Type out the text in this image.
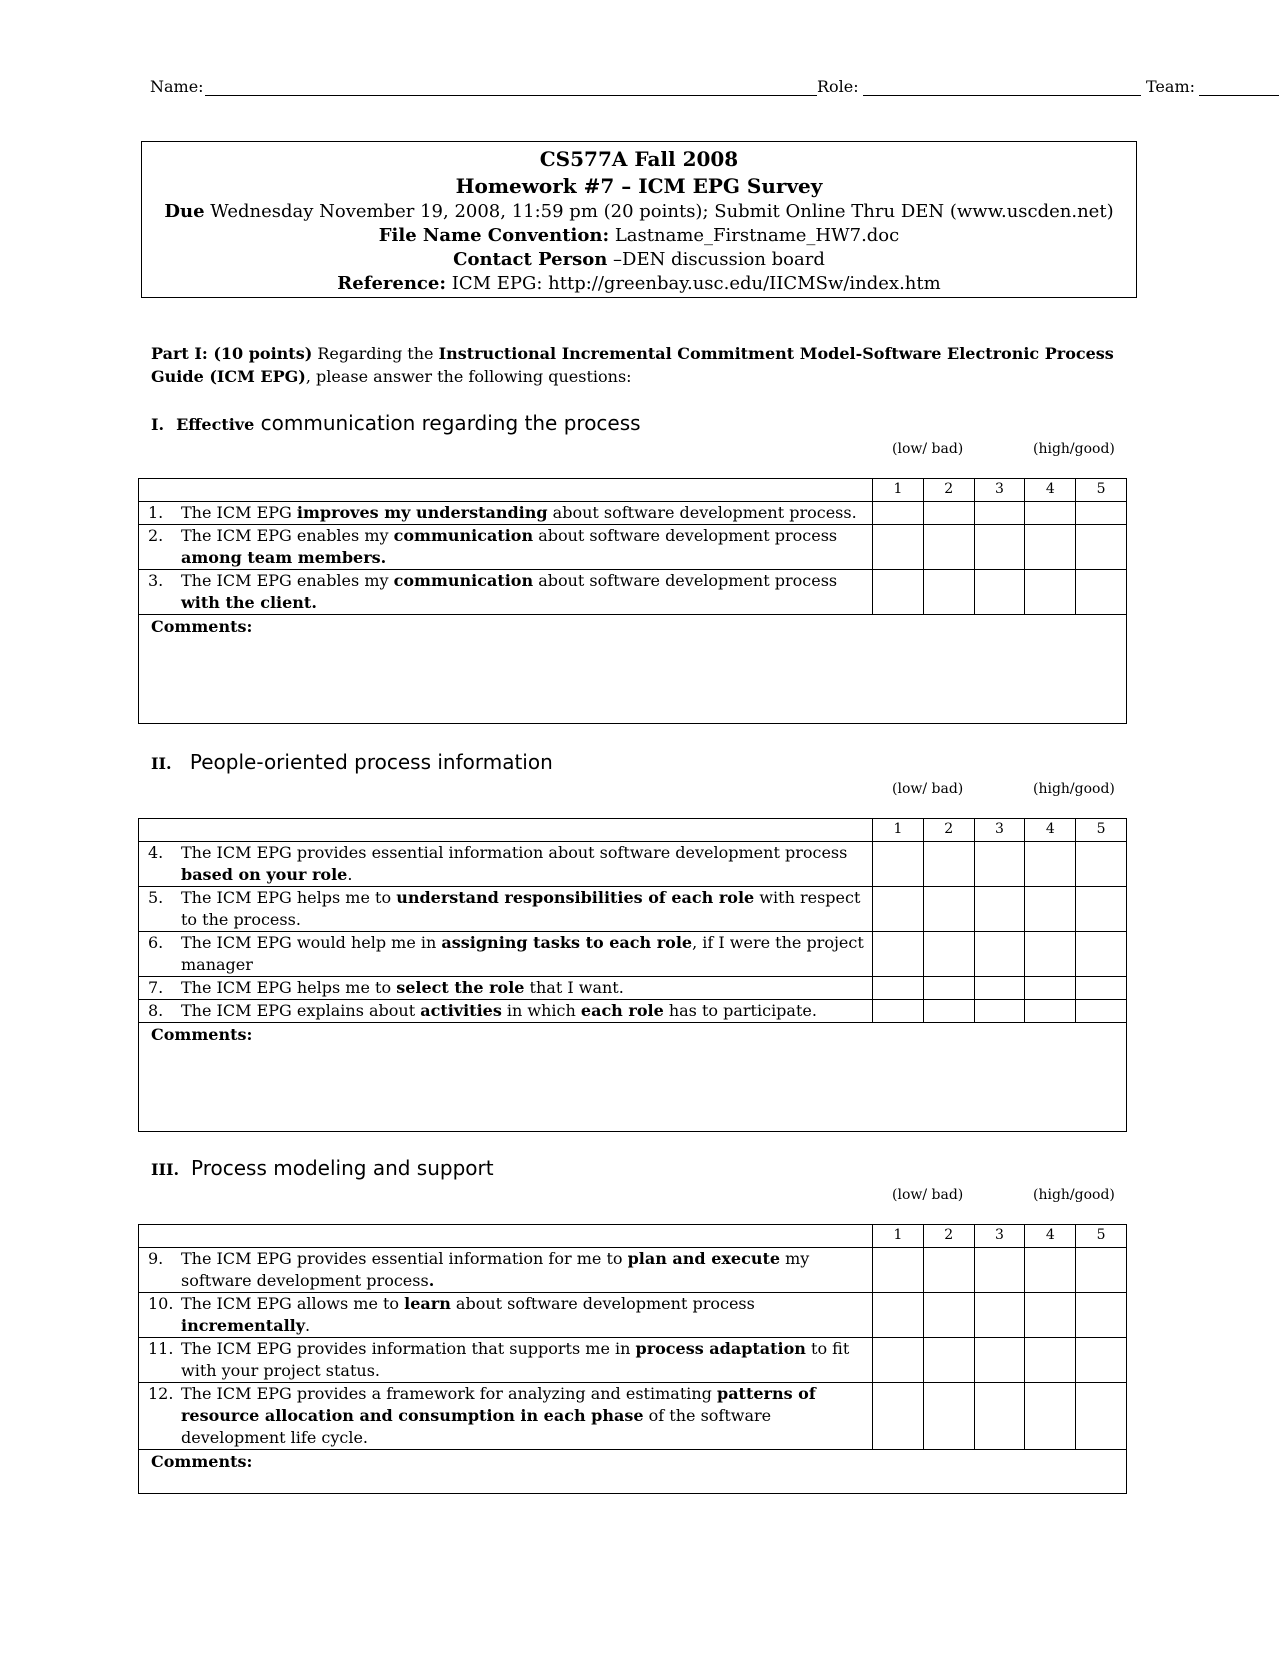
Name:	Role:	Team:
CS577A Fall 2008
Homework #7 – ICM EPG Survey
Due Wednesday November 19, 2008, 11:59 pm (20 points); Submit Online Thru DEN (www.uscden.net)
File Name Convention: Lastname_Firstname_HW7.doc
Contact Person –DEN discussion board
Reference: ICM EPG: http://greenbay.usc.edu/IICMSw/index.htm
Part I: (10 points) Regarding the Instructional Incremental Commitment Model-Software Electronic Process Guide (ICM EPG), please answer the following questions:
I. Effective communication regarding the process
(low/ bad)	(high/good)
	1	2	3	4	5

1. The ICM EPG improves my understanding about software development process.					

2. The ICM EPG enables my communication about software development process among team members.					

3. The ICM EPG enables my communication about software development process with the client.					

Comments:					
II. People-oriented process information
(low/ bad)	(high/good)
	1	2	3	4	5

4. The ICM EPG provides essential information about software development process based on your role.					

5. The ICM EPG helps me to understand responsibilities of each role with respect to the process.					

6. The ICM EPG would help me in assigning tasks to each role, if I were the project manager					

7. The ICM EPG helps me to select the role that I want.					

8. The ICM EPG explains about activities in which each role has to participate.					

Comments:					
III. Process modeling and support
(low/ bad)	(high/good)
	1	2	3	4	5

9. The ICM EPG provides essential information for me to plan and execute my software development process.					

10. The ICM EPG allows me to learn about software development process incrementally.					

11. The ICM EPG provides information that supports me in process adaptation to fit with your project status.					

12. The ICM EPG provides a framework for analyzing and estimating patterns of resource allocation and consumption in each phase of the software development life cycle.					

Comments:					
